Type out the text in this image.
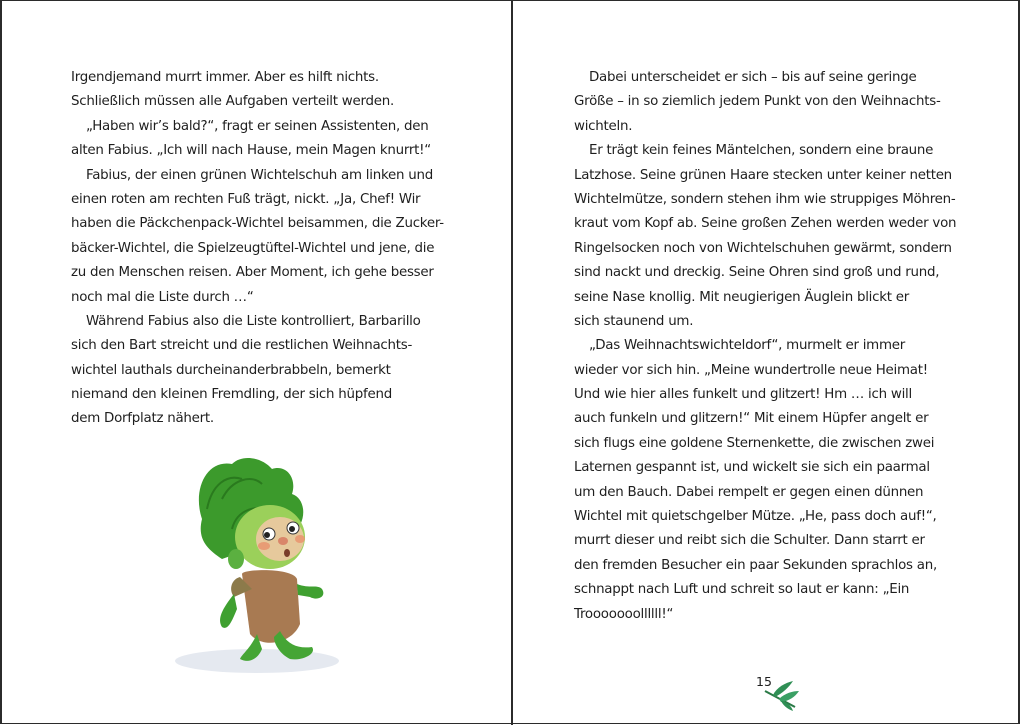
Irgendjemand murrt immer. Aber es hilft nichts.
Schließlich müssen alle Aufgaben verteilt werden.
„Haben wir’s bald?“, fragt er seinen Assistenten, den
alten Fabius. „Ich will nach Hause, mein Magen knurrt!“
Fabius, der einen grünen Wichtelschuh am linken und
einen roten am rechten Fuß trägt, nickt. „Ja, Chef! Wir
haben die Päckchenpack-Wichtel beisammen, die Zucker-
bäcker-Wichtel, die Spielzeugtüftel-Wichtel und jene, die
zu den Menschen reisen. Aber Moment, ich gehe besser
noch mal die Liste durch …“
Während Fabius also die Liste kontrolliert, Barbarillo
sich den Bart streicht und die restlichen Weihnachts-
wichtel lauthals durcheinanderbrabbeln, bemerkt
niemand den kleinen Fremdling, der sich hüpfend
dem Dorfplatz nähert.
Dabei unterscheidet er sich – bis auf seine geringe
Größe – in so ziemlich jedem Punkt von den Weihnachts-
wichteln.
Er trägt kein feines Mäntelchen, sondern eine braune
Latzhose. Seine grünen Haare stecken unter keiner netten
Wichtelmütze, sondern stehen ihm wie struppiges Möhren-
kraut vom Kopf ab. Seine großen Zehen werden weder von
Ringelsocken noch von Wichtelschuhen gewärmt, sondern
sind nackt und dreckig. Seine Ohren sind groß und rund,
seine Nase knollig. Mit neugierigen Äuglein blickt er
sich staunend um.
„Das Weihnachtswichteldorf“, murmelt er immer
wieder vor sich hin. „Meine wundertrolle neue Heimat!
Und wie hier alles funkelt und glitzert! Hm … ich will
auch funkeln und glitzern!“ Mit einem Hüpfer angelt er
sich flugs eine goldene Sternenkette, die zwischen zwei
Laternen gespannt ist, und wickelt sie sich ein paarmal
um den Bauch. Dabei rempelt er gegen einen dünnen
Wichtel mit quietschgelber Mütze. „He, pass doch auf!“,
murrt dieser und reibt sich die Schulter. Dann starrt er
den fremden Besucher ein paar Sekunden sprachlos an,
schnappt nach Luft und schreit so laut er kann: „Ein
Trooooooollllll!“
15
